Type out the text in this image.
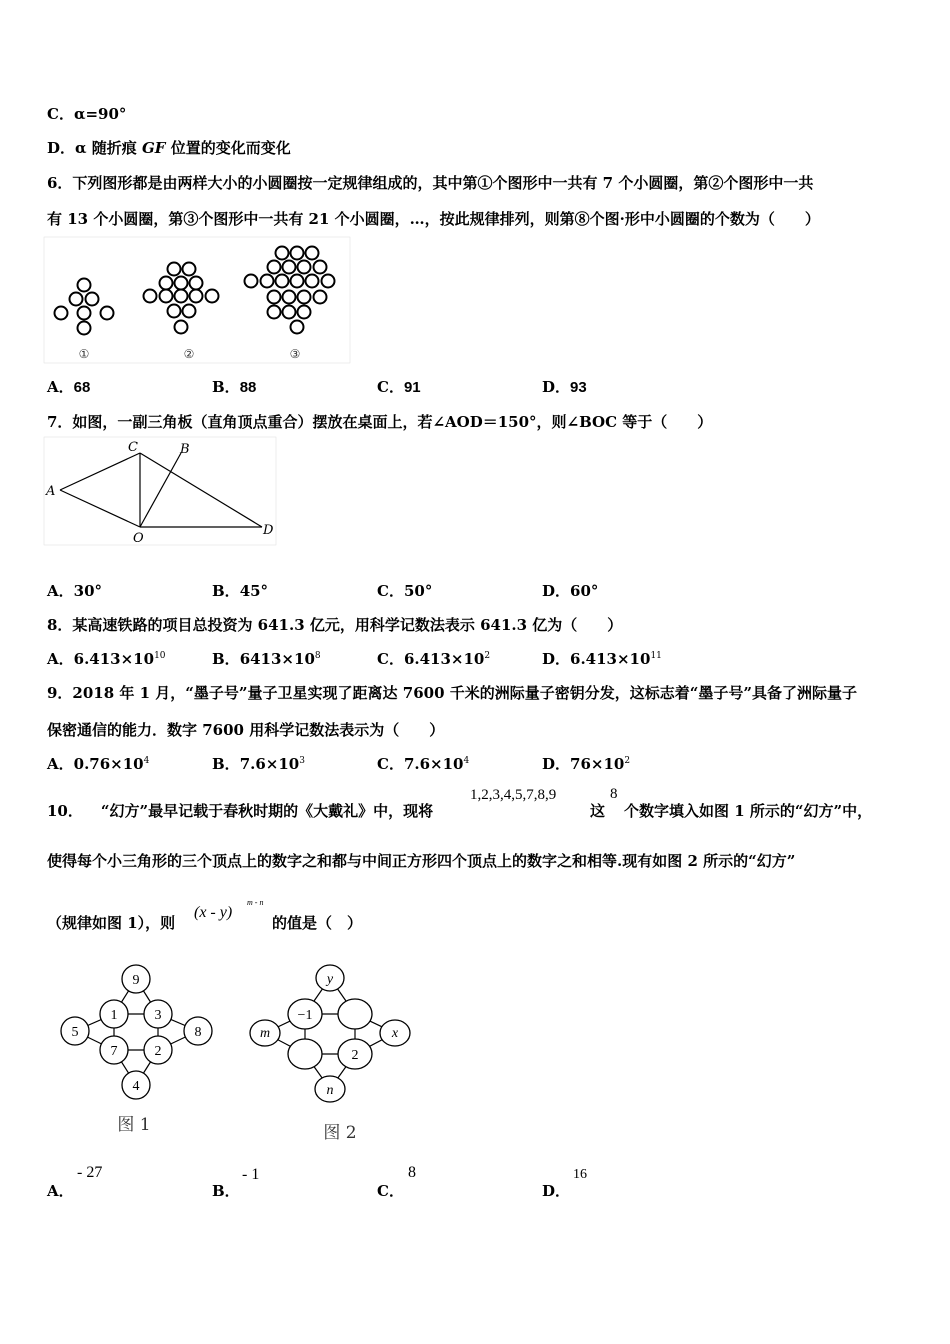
C．α=90°
D．α 随折痕 GF 位置的变化而变化
6．下列图形都是由两样大小的小圆圈按一定规律组成的，其中第①个图形中一共有 7 个小圆圈，第②个图形中一共
有 13 个小圆圈，第③个图形中一共有 21 个小圆圈，…，按此规律排列，则第⑧个图·形中小圆圈的个数为（　　）
①	②	③
A．68	B．88	C．91	D．93
7．如图，一副三角板（直角顶点重合）摆放在桌面上，若∠AOD＝150°，则∠BOC 等于（　　）
A
B
C
D
O
A．30°	B．45°	C．50°	D．60°
8．某高速铁路的项目总投资为 641.3 亿元，用科学记数法表示 641.3 亿为（　　）
A．$6.413\times 10^{10}$	B．$6413\times 10^8$	C．$6.413\times 10^2$	D．$6.413\times 10^{11}$
9．2018 年 1 月，“墨子号”量子卫星实现了距离达 7600 千米的洲际量子密钥分发，这标志着“墨子号”具备了洲际量子
保密通信的能力．数字 7600 用科学记数法表示为（　　）
A．$0.76\times 10^4$	B．$7.6\times 10^3$	C．$7.6\times 10^4$	D．$76\times 10^2$
10． “幻方”最早记载于春秋时期的《大戴礼》中，现将
1,2,3,4,5,7,8,9
这
8
个数字填入如图 1 所示的“幻方”中，
使得每个小三角形的三个顶点上的数字之和都与中间正方形四个顶点上的数字之和相等.现有如图 2 所示的“幻方”
（规律如图 1），则
(x - y)
m - n
的值是（　）
9
1	3
5	8
7	2
4
图 1
y
m	x
n
−1
2
图 2
A．
- 27
B．
- 1
C．
8
D．
16
